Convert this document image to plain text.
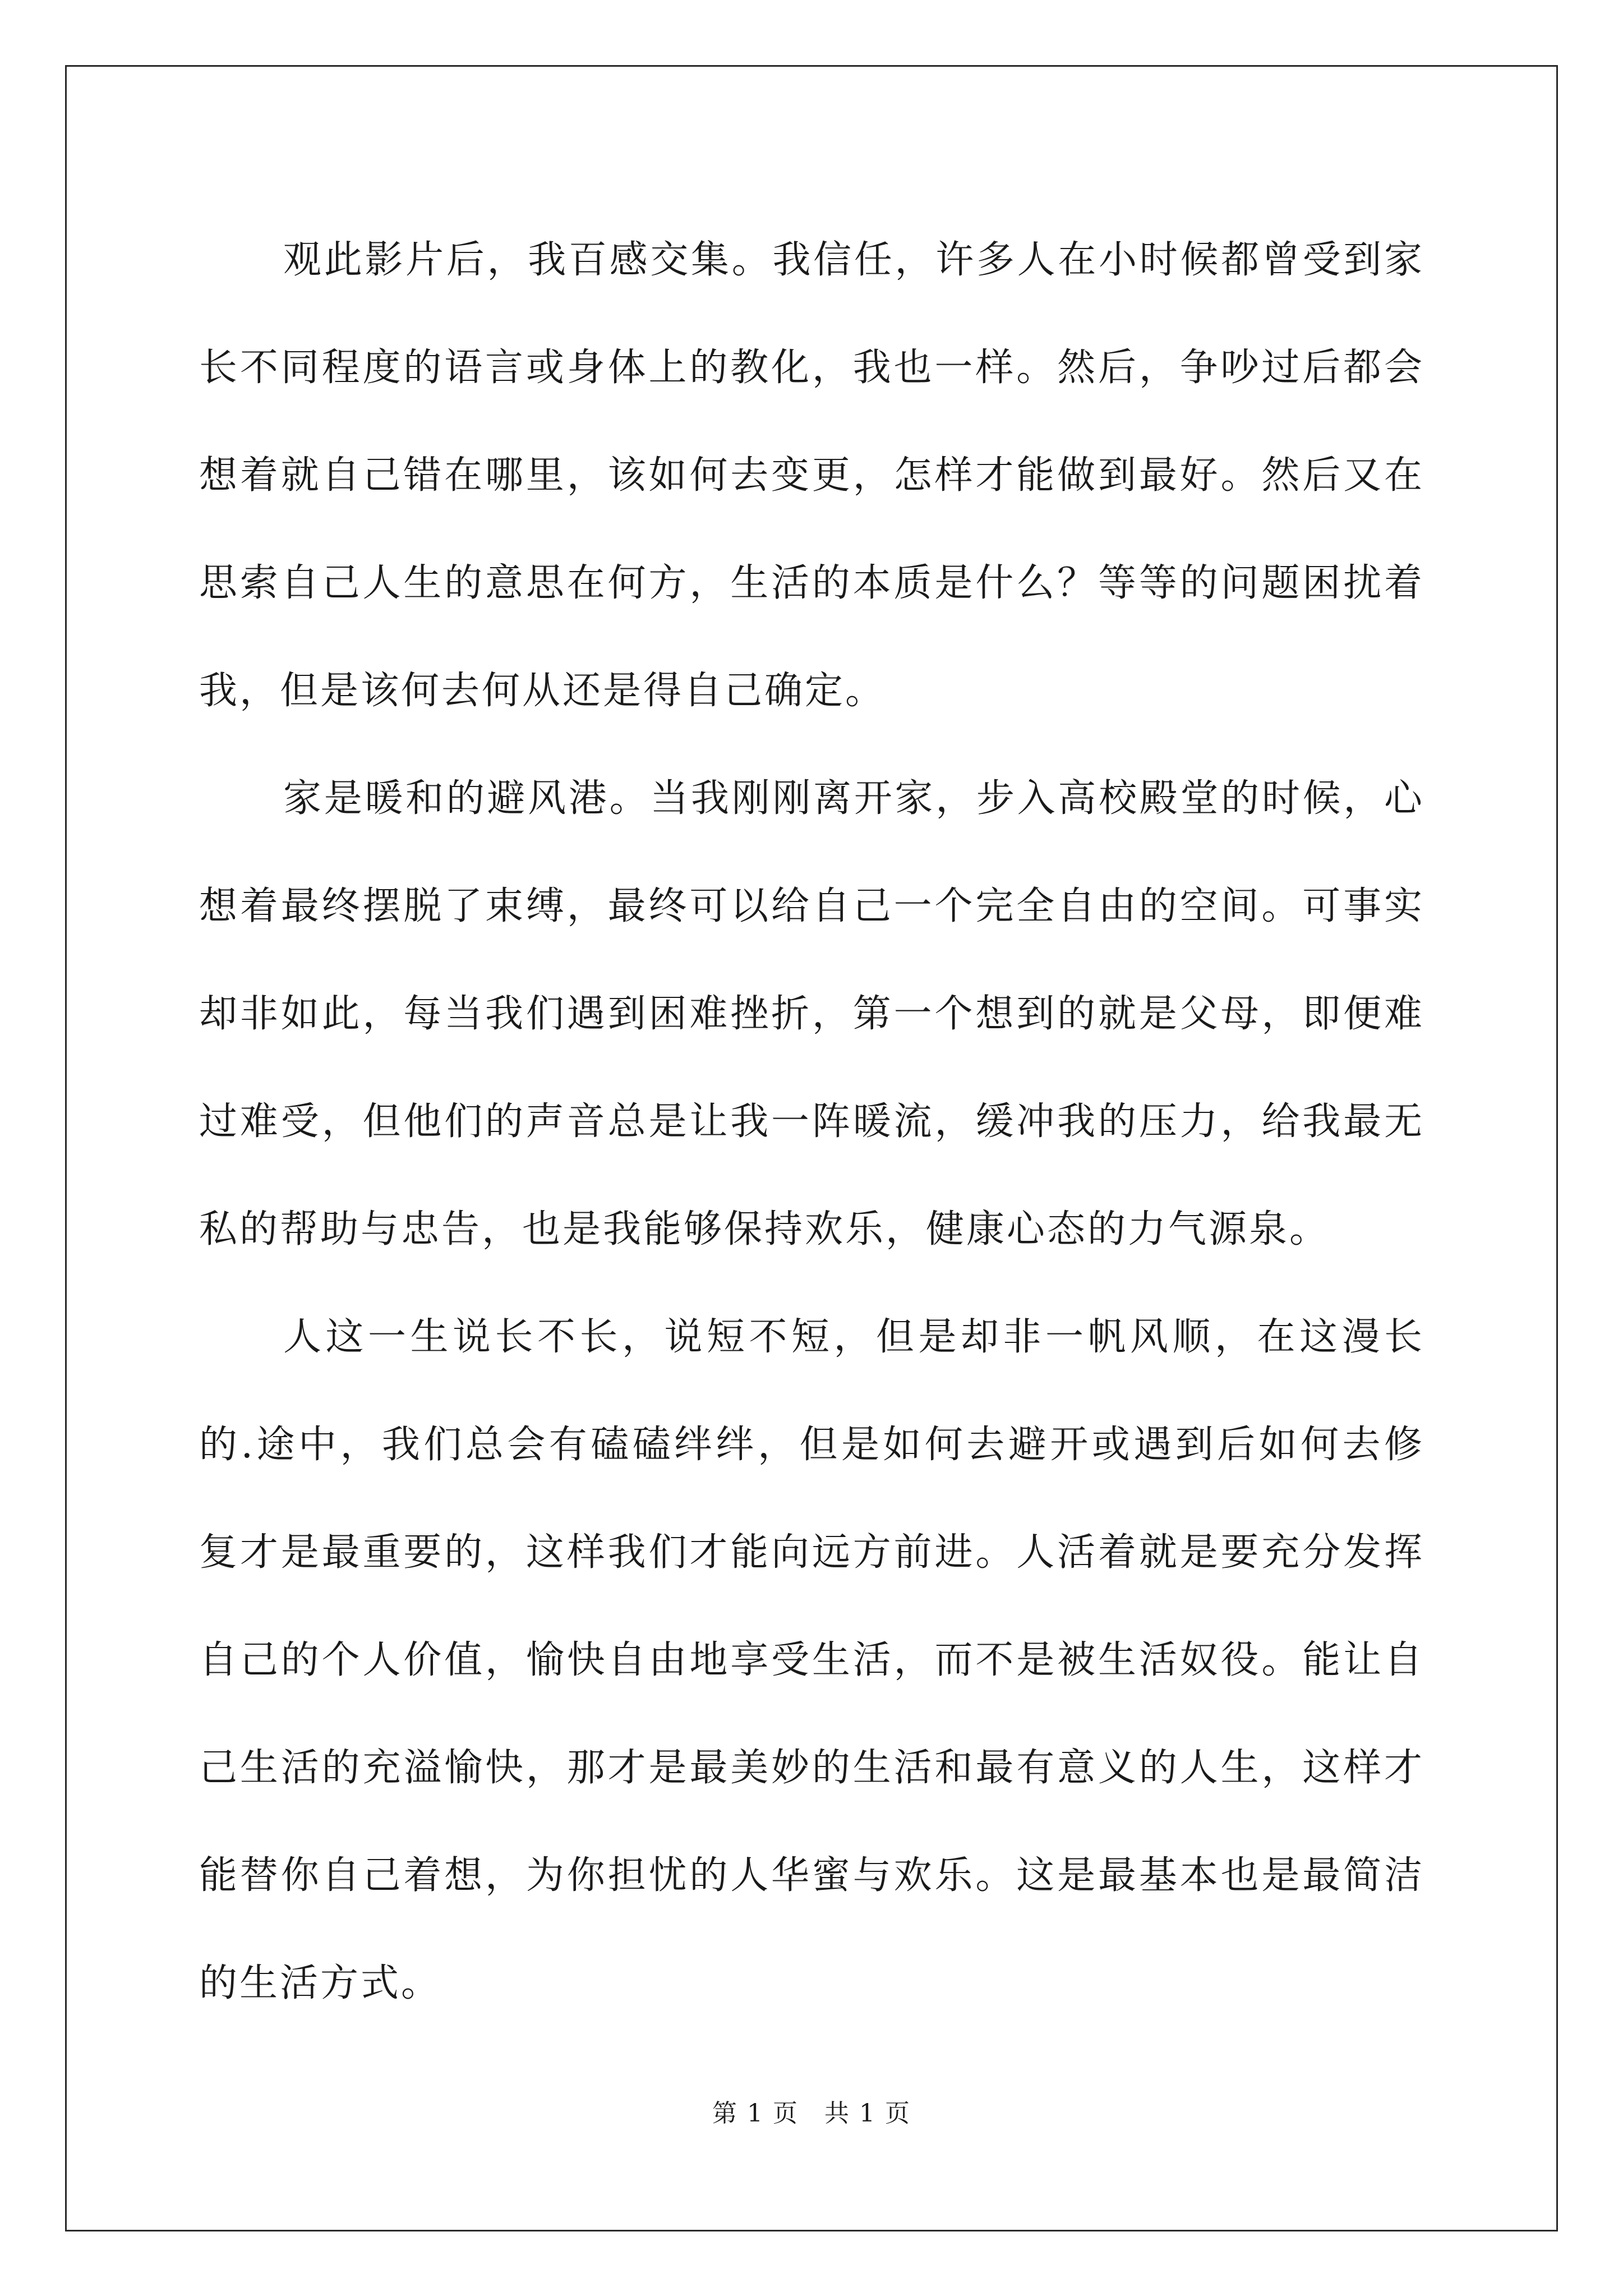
观此影片后，我百感交集。我信任，许多人在小时候都曾受到家长不同程度的语言或身体上的教化，我也一样。然后，争吵过后都会想着就自己错在哪里，该如何去变更，怎样才能做到最好。然后又在思索自己人生的意思在何方，生活的本质是什么？等等的问题困扰着我，但是该何去何从还是得自己确定。

家是暖和的避风港。当我刚刚离开家，步入高校殿堂的时候，心想着最终摆脱了束缚，最终可以给自己一个完全自由的空间。可事实却非如此，每当我们遇到困难挫折，第一个想到的就是父母，即便难过难受，但他们的声音总是让我一阵暖流，缓冲我的压力，给我最无私的帮助与忠告，也是我能够保持欢乐，健康心态的力气源泉。

人这一生说长不长，说短不短，但是却非一帆风顺，在这漫长的.途中，我们总会有磕磕绊绊，但是如何去避开或遇到后如何去修复才是最重要的，这样我们才能向远方前进。人活着就是要充分发挥自己的个人价值，愉快自由地享受生活，而不是被生活奴役。能让自己生活的充溢愉快，那才是最美妙的生活和最有意义的人生，这样才能替你自己着想，为你担忧的人华蜜与欢乐。这是最基本也是最简洁的生活方式。

第 1 页　共 1 页
